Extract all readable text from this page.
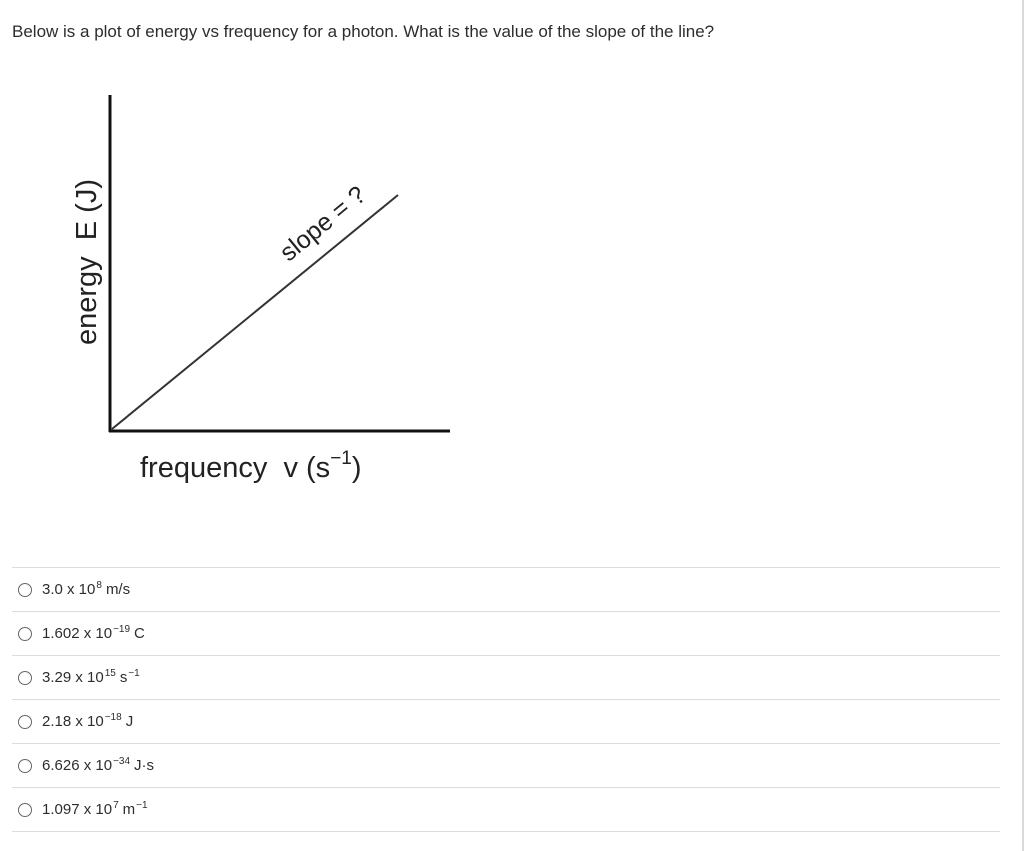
Below is a plot of energy vs frequency for a photon. What is the value of the slope of the line?
energy  E (J)	slope = ?
frequency  v $(s^{-1})$
3.0 x $10^8$ m/s
1.602 x $10^{-19}$ C
3.29 x $10^{15}$ $s^{-1}$
2.18 x $10^{-18}$ J
6.626 x $10^{-34}$ J·s
1.097 x $10^7$ $m^{-1}$
